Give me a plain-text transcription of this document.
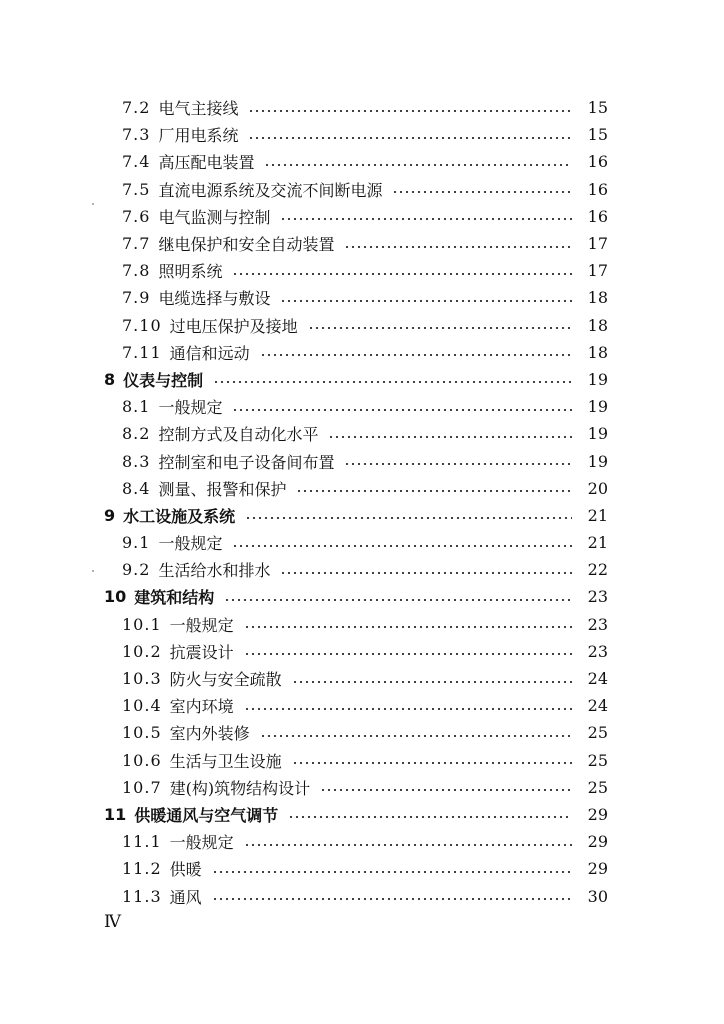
7.2 电气主接线	15
7.3 厂用电系统	15
7.4 高压配电装置	16
7.5 直流电源系统及交流不间断电源	16
7.6 电气监测与控制	16
7.7 继电保护和安全自动装置	17
7.8 照明系统	17
7.9 电缆选择与敷设	18
7.10 过电压保护及接地	18
7.11 通信和远动	18
8 仪表与控制	19
8.1 一般规定	19
8.2 控制方式及自动化水平	19
8.3 控制室和电子设备间布置	19
8.4 测量、报警和保护	20
9 水工设施及系统	21
9.1 一般规定	21
9.2 生活给水和排水	22
10 建筑和结构	23
10.1 一般规定	23
10.2 抗震设计	23
10.3 防火与安全疏散	24
10.4 室内环境	24
10.5 室内外装修	25
10.6 生活与卫生设施	25
10.7 建(构)筑物结构设计	25
11 供暖通风与空气调节	29
11.1 一般规定	29
11.2 供暖	29
11.3 通风	30
Ⅳ
